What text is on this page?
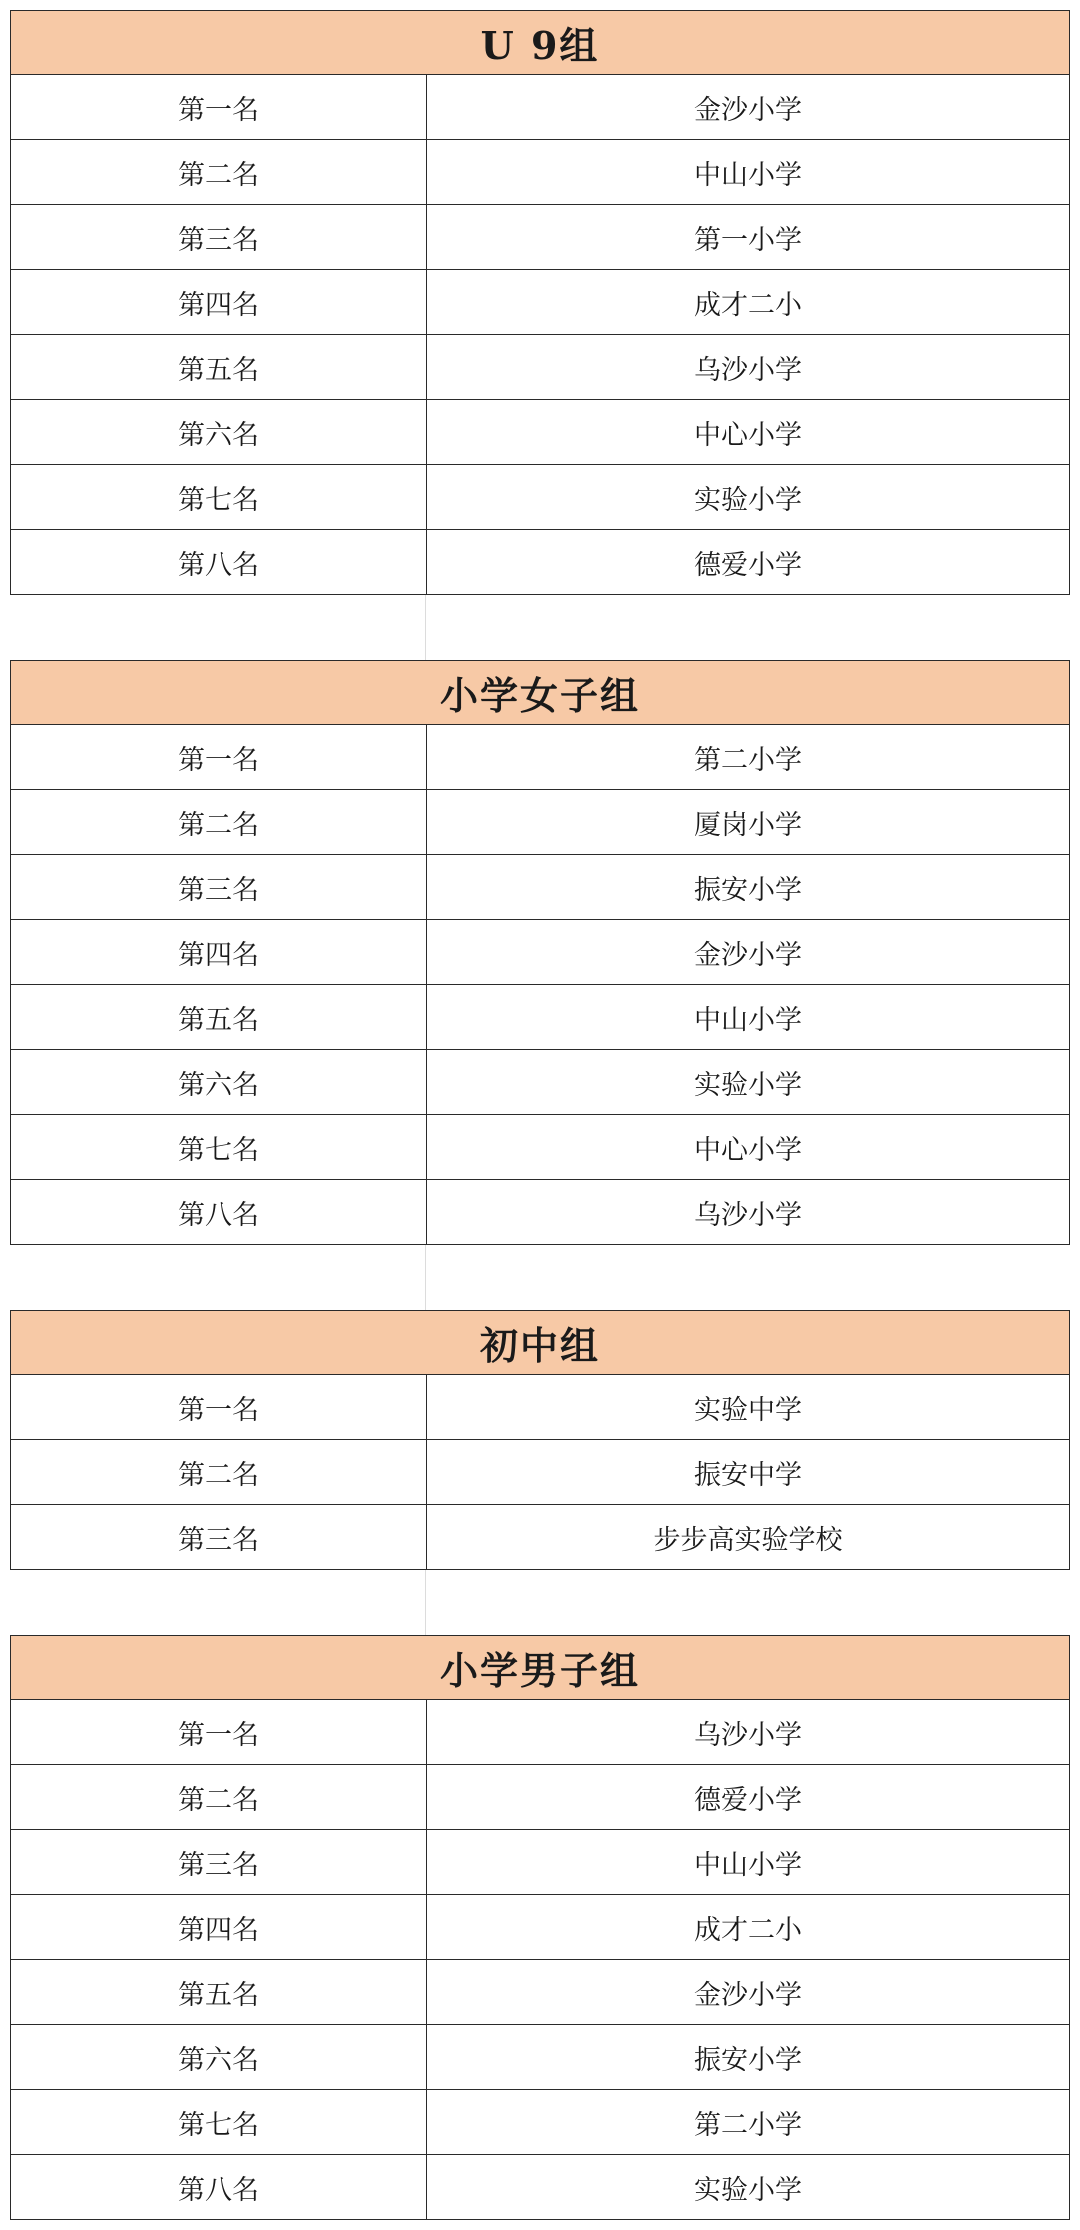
U 9组
第一名	金沙小学
第二名	中山小学
第三名	第一小学
第四名	成才二小
第五名	乌沙小学
第六名	中心小学
第七名	实验小学
第八名	德爱小学
小学女子组
第一名	第二小学
第二名	厦岗小学
第三名	振安小学
第四名	金沙小学
第五名	中山小学
第六名	实验小学
第七名	中心小学
第八名	乌沙小学
初中组
第一名	实验中学
第二名	振安中学
第三名	步步高实验学校
小学男子组
第一名	乌沙小学
第二名	德爱小学
第三名	中山小学
第四名	成才二小
第五名	金沙小学
第六名	振安小学
第七名	第二小学
第八名	实验小学
